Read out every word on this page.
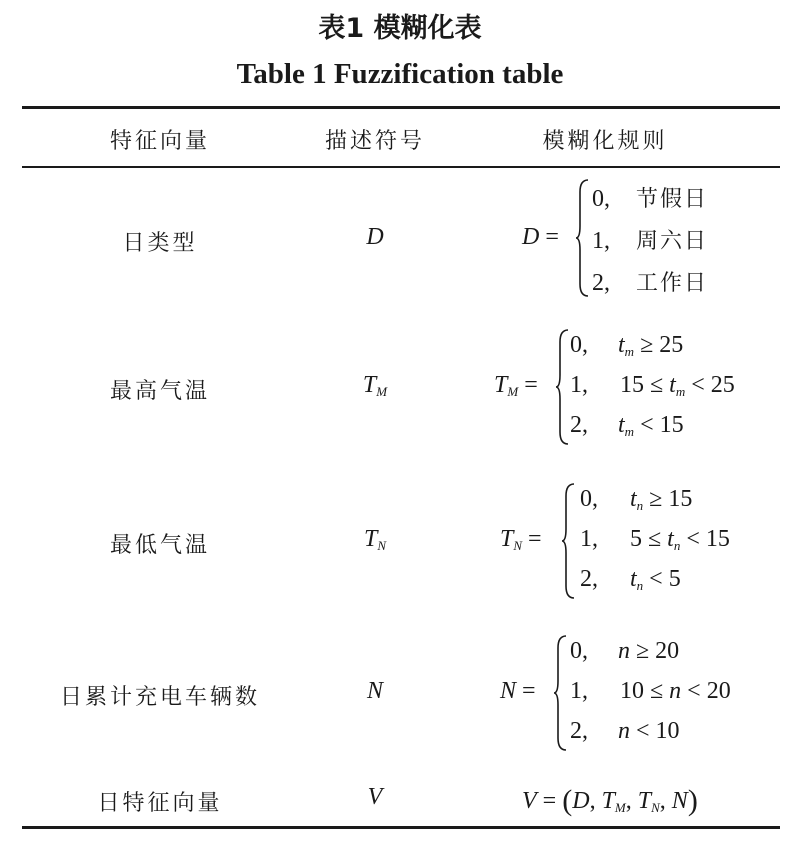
表1 模糊化表
Table 1 Fuzzification table
特征向量	描述符号	模糊化规则
日类型	D	D =
0, 节假日
1, 周六日
2, 工作日
最高气温	TM	TM =
0, tm ≥ 25
1, 15 ≤ tm < 25
2, tm < 15
最低气温	TN	TN =
0, tn ≥ 15
1, 5 ≤ tn < 15
2, tn < 5
日累计充电车辆数	N	N =
0, n ≥ 20
1, 10 ≤ n < 20
2, n < 10
日特征向量	V	V = (D, TM, TN, N)
